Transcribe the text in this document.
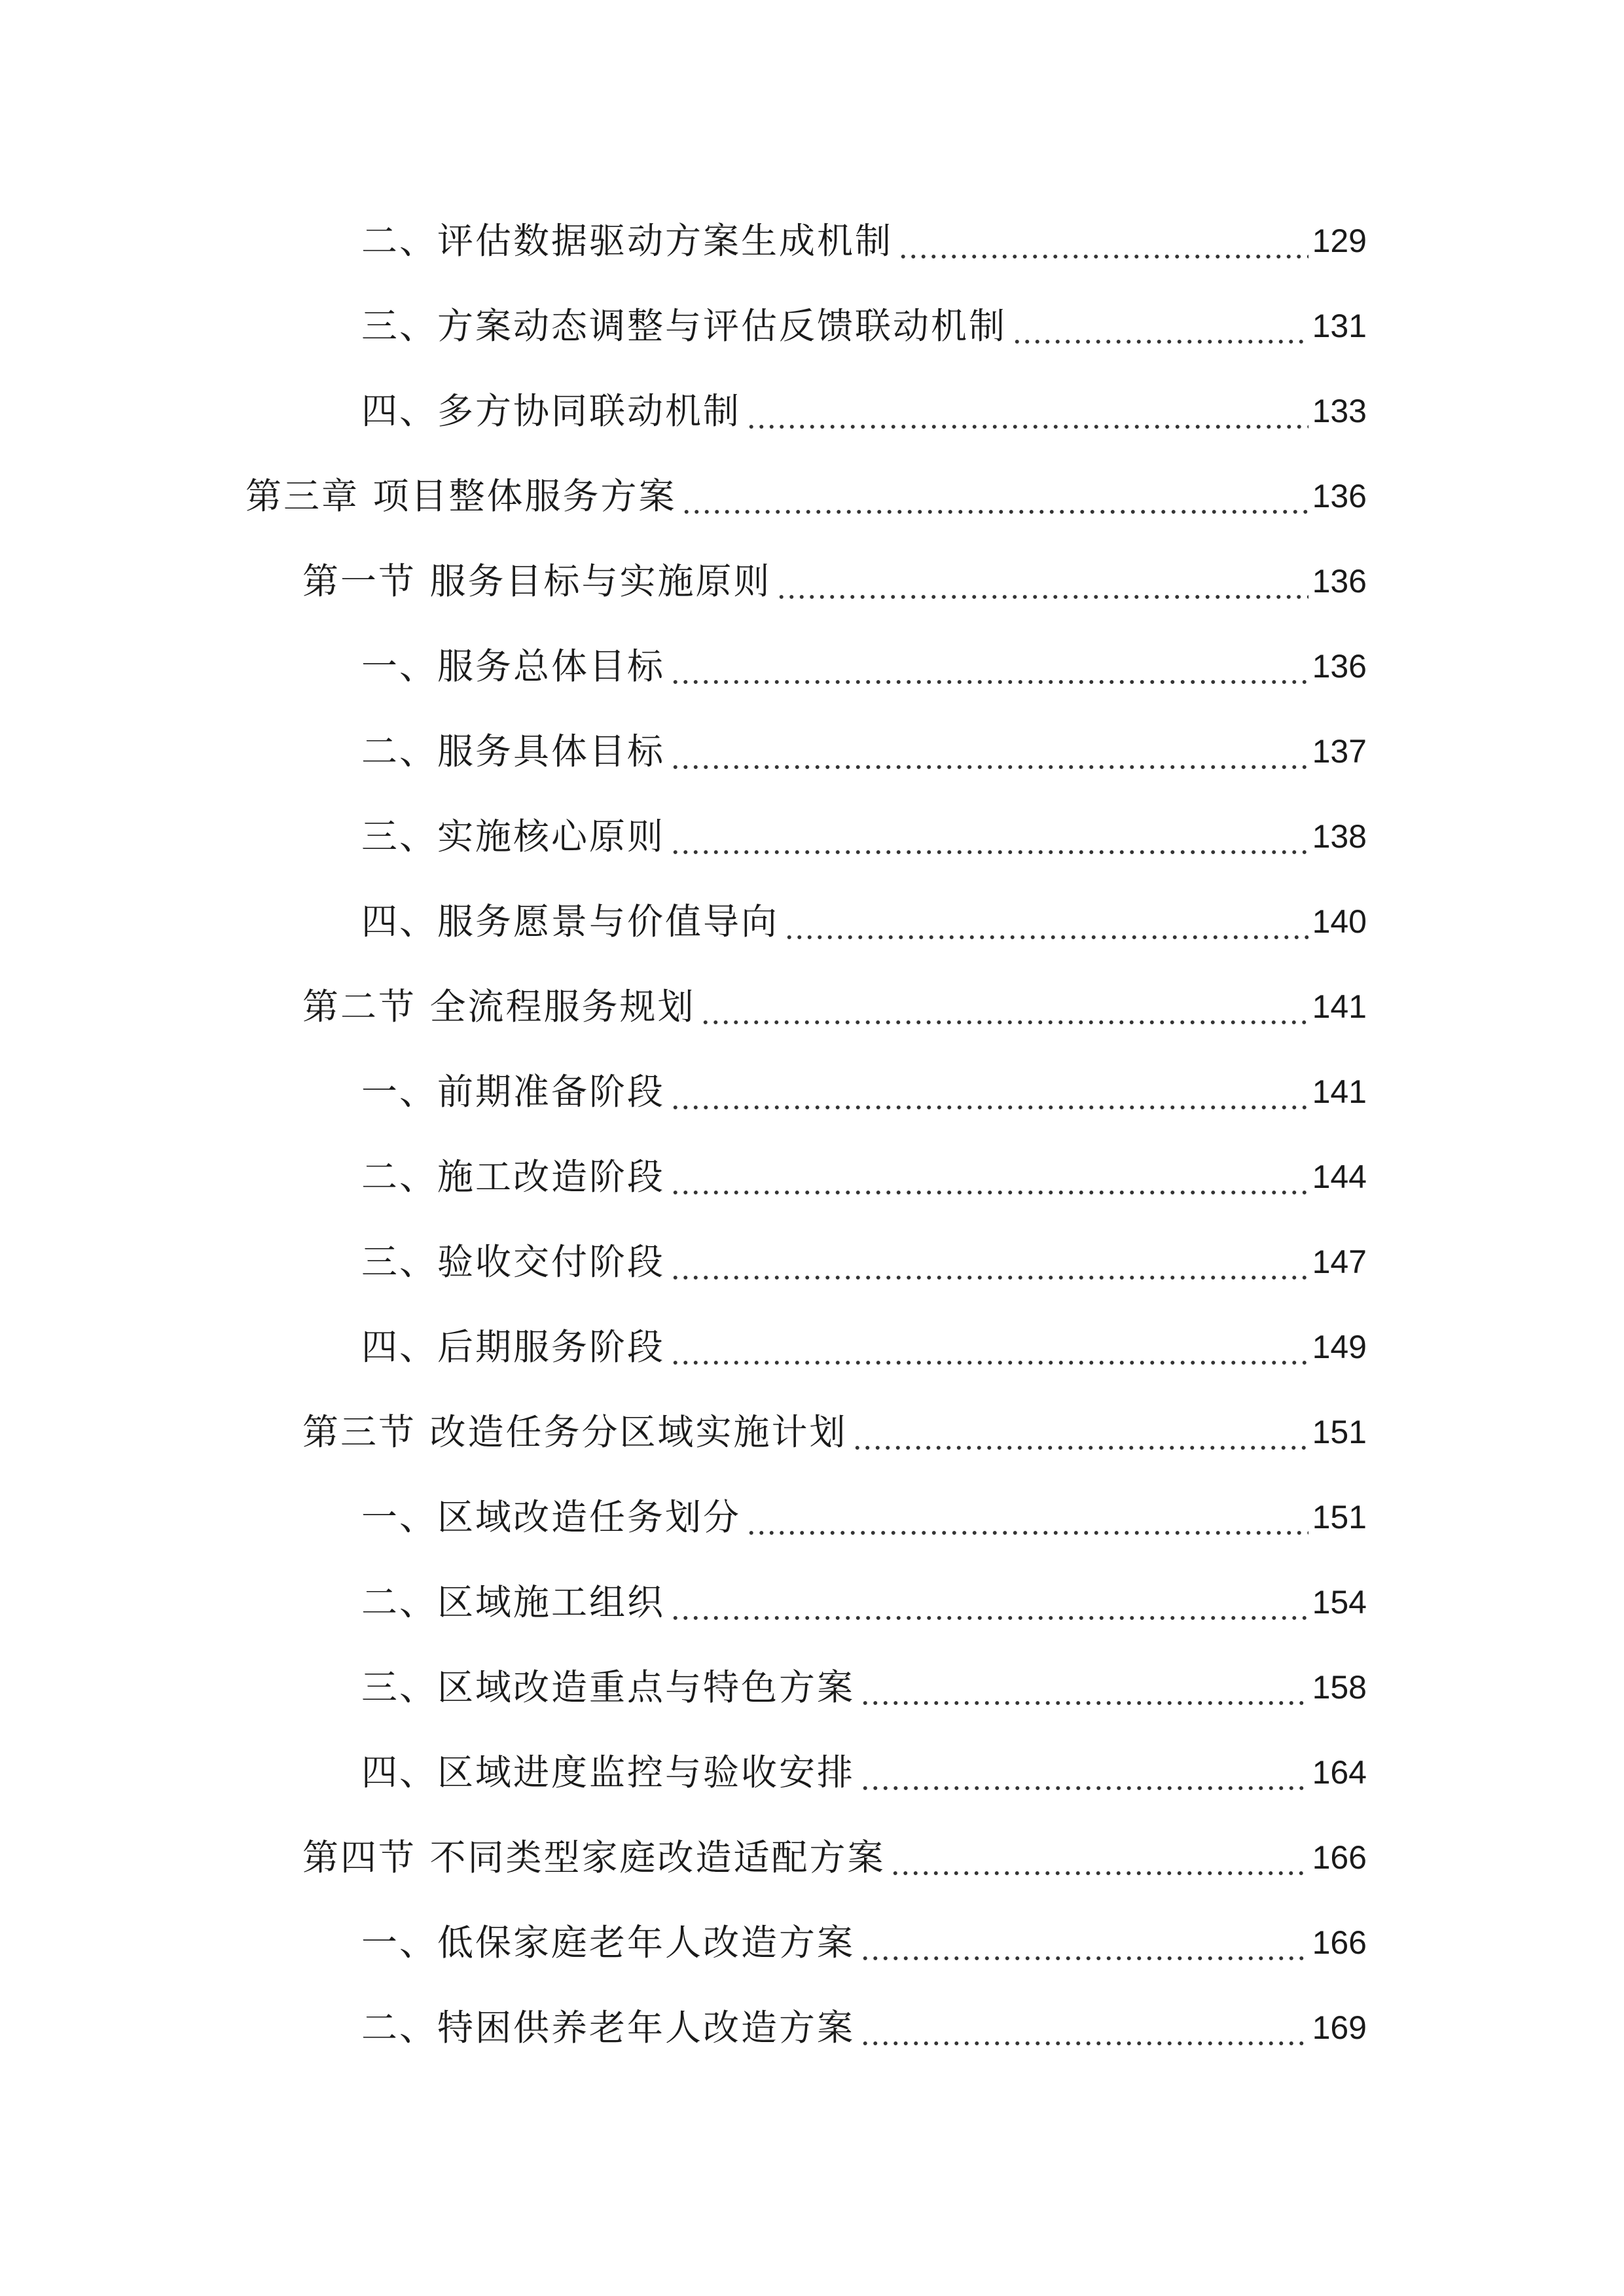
二、评估数据驱动方案生成机制	129
三、方案动态调整与评估反馈联动机制	131
四、多方协同联动机制	133
第三章 项目整体服务方案	136
第一节 服务目标与实施原则	136
一、服务总体目标	136
二、服务具体目标	137
三、实施核心原则	138
四、服务愿景与价值导向	140
第二节 全流程服务规划	141
一、前期准备阶段	141
二、施工改造阶段	144
三、验收交付阶段	147
四、后期服务阶段	149
第三节 改造任务分区域实施计划	151
一、区域改造任务划分	151
二、区域施工组织	154
三、区域改造重点与特色方案	158
四、区域进度监控与验收安排	164
第四节 不同类型家庭改造适配方案	166
一、低保家庭老年人改造方案	166
二、特困供养老年人改造方案	169
